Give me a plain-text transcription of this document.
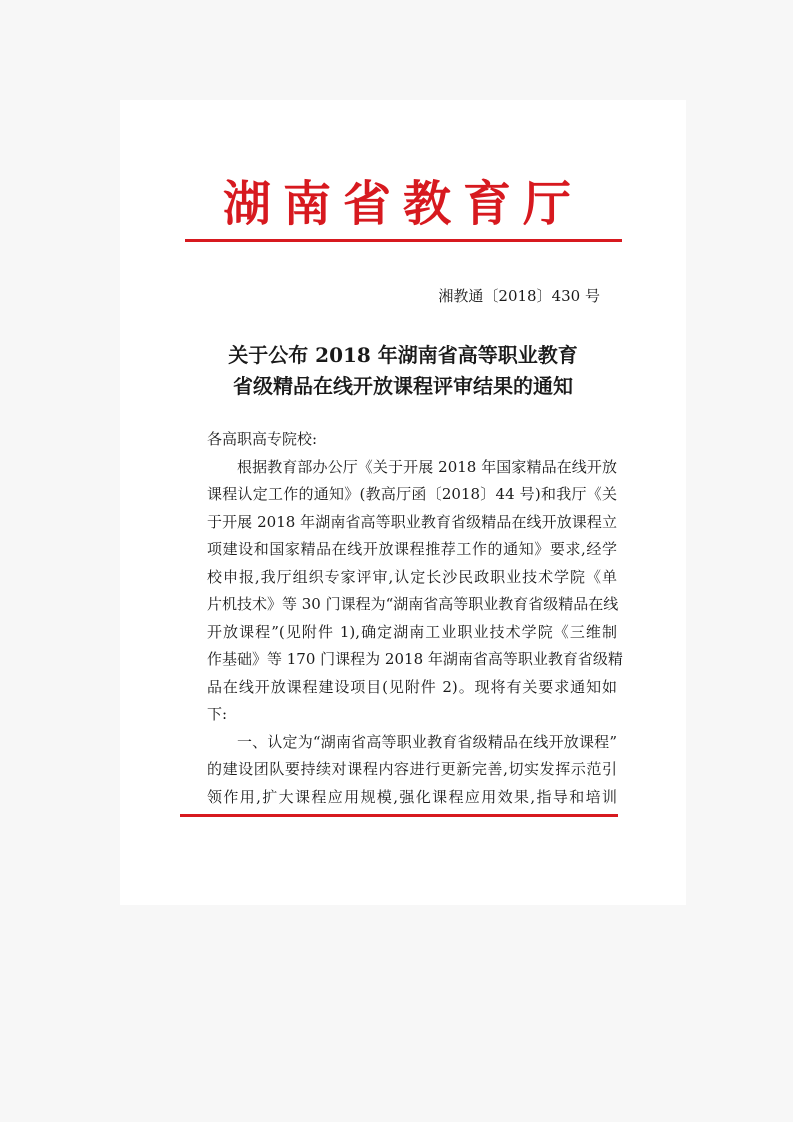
湖南省教育厅
湘教通〔2018〕430 号
关于公布 2018 年湖南省高等职业教育
省级精品在线开放课程评审结果的通知
各高职高专院校:
根据教育部办公厅《关于开展 2018 年国家精品在线开放
课程认定工作的通知》(教高厅函〔2018〕44 号)和我厅《关
于开展 2018 年湖南省高等职业教育省级精品在线开放课程立
项建设和国家精品在线开放课程推荐工作的通知》要求,经学
校申报,我厅组织专家评审,认定长沙民政职业技术学院《单
片机技术》等 30 门课程为“湖南省高等职业教育省级精品在线
开放课程”(见附件 1),确定湖南工业职业技术学院《三维制
作基础》等 170 门课程为 2018 年湖南省高等职业教育省级精
品在线开放课程建设项目(见附件 2)。现将有关要求通知如
下:
一、认定为“湖南省高等职业教育省级精品在线开放课程”
的建设团队要持续对课程内容进行更新完善,切实发挥示范引
领作用,扩大课程应用规模,强化课程应用效果,指导和培训
